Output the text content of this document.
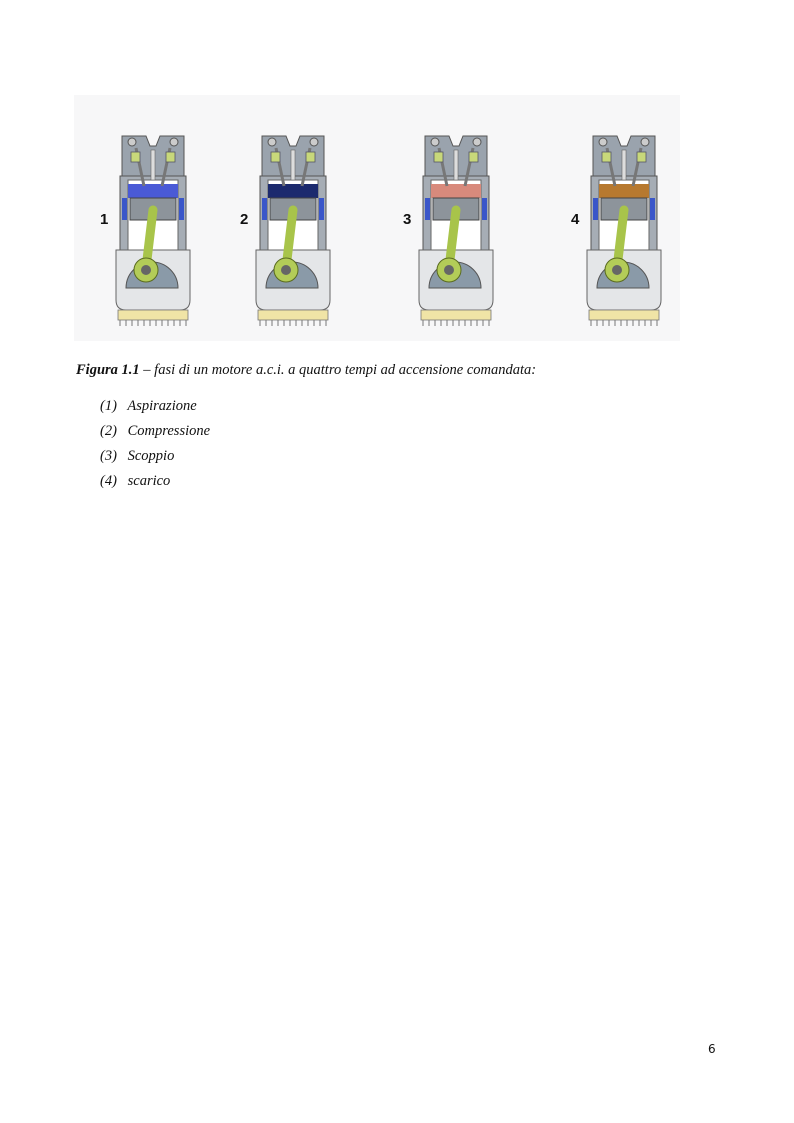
1	2	3	4
Figura 1.1 – fasi di un motore a.c.i. a quattro tempi ad accensione comandata:
(1) Aspirazione
(2) Compressione
(3) Scoppio
(4) scarico
6
